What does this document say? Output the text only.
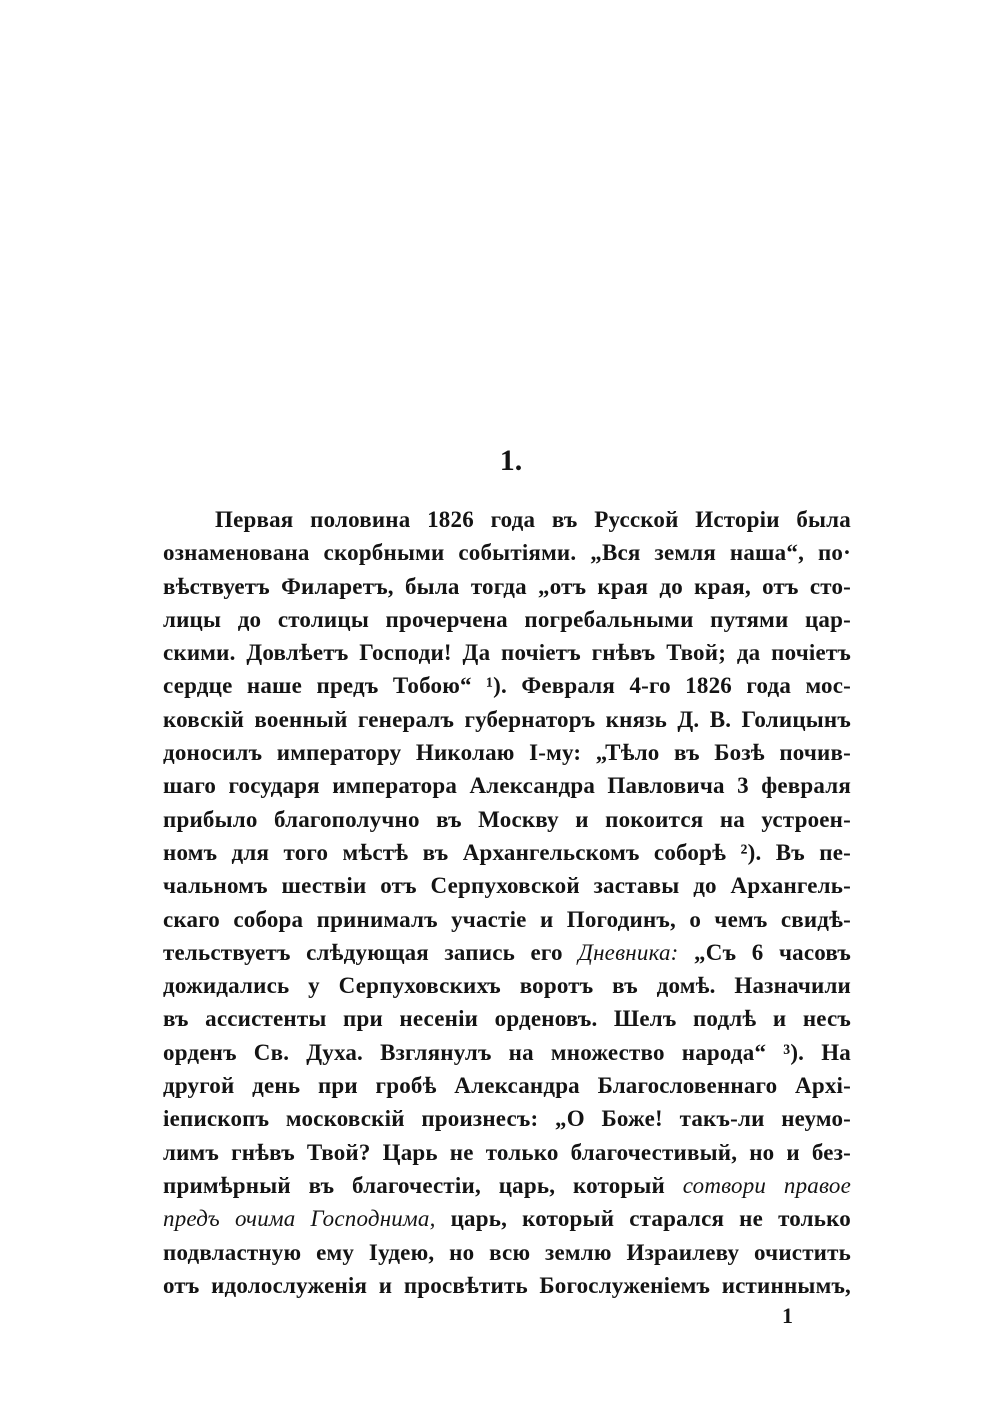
1.
Первая половина 1826 года въ Русской Исторіи была
ознаменована скорбными событіями. „Вся земля наша“, по·
вѣствуетъ Филаретъ, была тогда „отъ края до края, отъ сто-
лицы до столицы прочерчена погребальными путями цар-
скими. Довлѣетъ Господи! Да почіетъ гнѣвъ Твой; да почіетъ
сердце наше предъ Тобою“ ¹). Февраля 4-го 1826 года мос-
ковскій военный генералъ губернаторъ князь Д. В. Голицынъ
доносилъ императору Николаю I-му: „Тѣло въ Бозѣ почив-
шаго государя императора Александра Павловича 3 февраля
прибыло благополучно въ Москву и покоится на устроен-
номъ для того мѣстѣ въ Архангельскомъ соборѣ ²). Въ пе-
чальномъ шествіи отъ Серпуховской заставы до Архангель-
скаго собора принималъ участіе и Погодинъ, о чемъ свидѣ-
тельствуетъ слѣдующая запись его Дневника: „Съ 6 часовъ
дожидались у Серпуховскихъ воротъ въ домѣ. Назначили
въ ассистенты при несеніи орденовъ. Шелъ подлѣ и несъ
орденъ Св. Духа. Взглянулъ на множество народа“ ³). На
другой день при гробѣ Александра Благословеннаго Архі-
іепископъ московскій произнесъ: „О Боже! такъ-ли неумо-
лимъ гнѣвъ Твой? Царь не только благочестивый, но и без-
примѣрный въ благочестіи, царь, который сотвори правое
предъ очима Господнима, царь, который старался не только
подвластную ему Іудею, но всю землю Израилеву очистить
отъ идолослуженія и просвѣтить Богослуженіемъ истиннымъ,
1
